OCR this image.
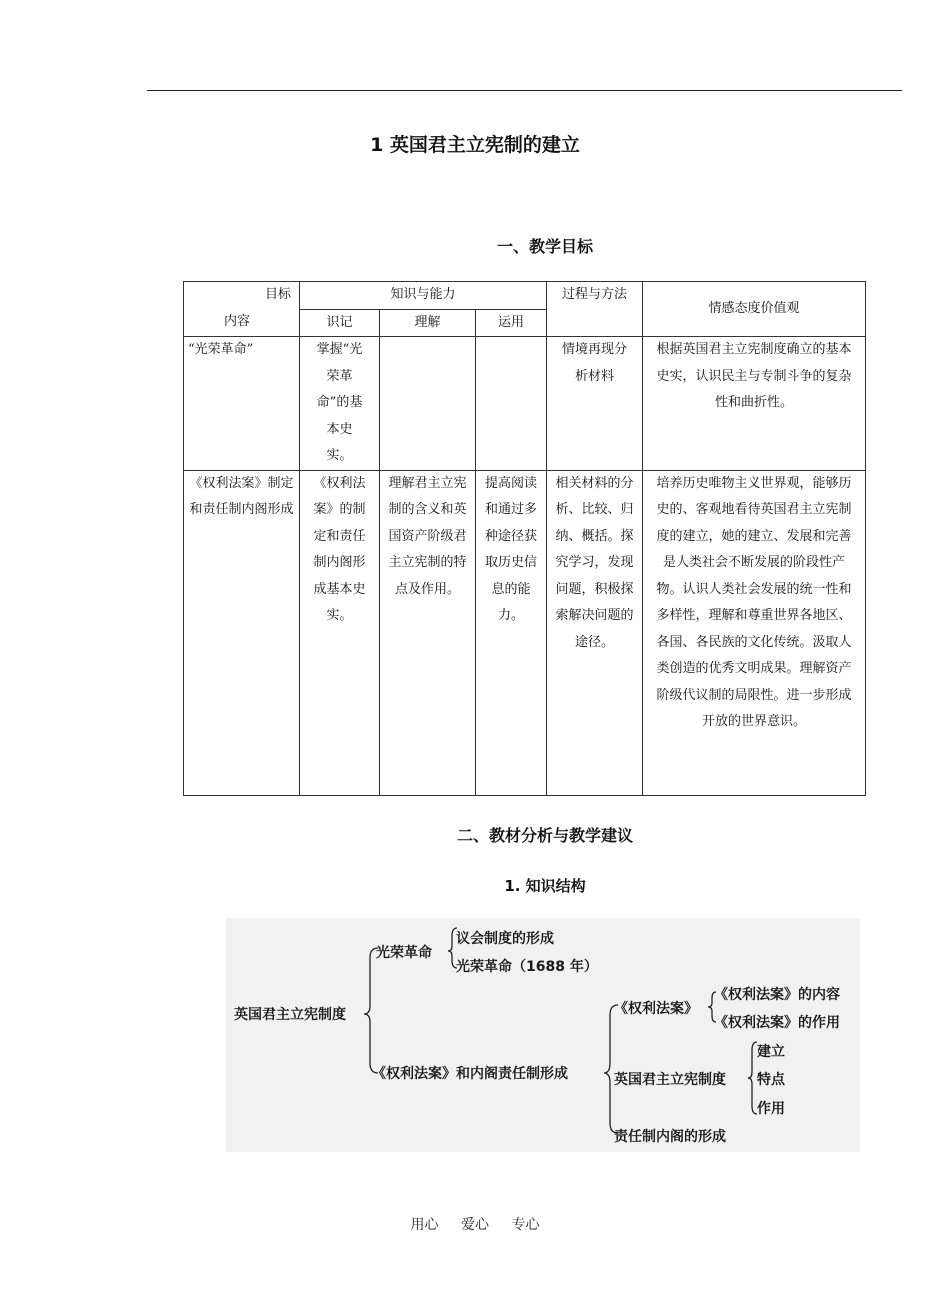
1 英国君主立宪制的建立
一、教学目标
目标
内容	知识与能力			过程与方法	情感态度价值观
	识记	理解	运用		
“光荣革命”	掌握“光荣革命”的基本史实。			情境再现分析材料	根据英国君主立宪制度确立的基本史实，认识民主与专制斗争的复杂性和曲折性。
《权利法案》制定和责任制内阁形成	《权利法案》的制定和责任制内阁形成基本史实。	理解君主立宪制的含义和英国资产阶级君主立宪制的特点及作用。	提高阅读和通过多种途径获取历史信息的能力。	相关材料的分析、比较、归纳、概括。探究学习，发现问题，积极探索解决问题的途径。	培养历史唯物主义世界观，能够历史的、客观地看待英国君主立宪制度的建立，她的建立、发展和完善是人类社会不断发展的阶段性产物。认识人类社会发展的统一性和多样性，理解和尊重世界各地区、各国、各民族的文化传统。汲取人类创造的优秀文明成果。理解资产阶级代议制的局限性。进一步形成开放的世界意识。
二、教材分析与教学建议
1. 知识结构
英国君主立宪制度
光荣革命
议会制度的形成
光荣革命（1688 年）
《权利法案》和内阁责任制形成
《权利法案》
《权利法案》的内容
《权利法案》的作用
英国君主立宪制度
建立
特点
作用
责任制内阁的形成
用心 爱心 专心
